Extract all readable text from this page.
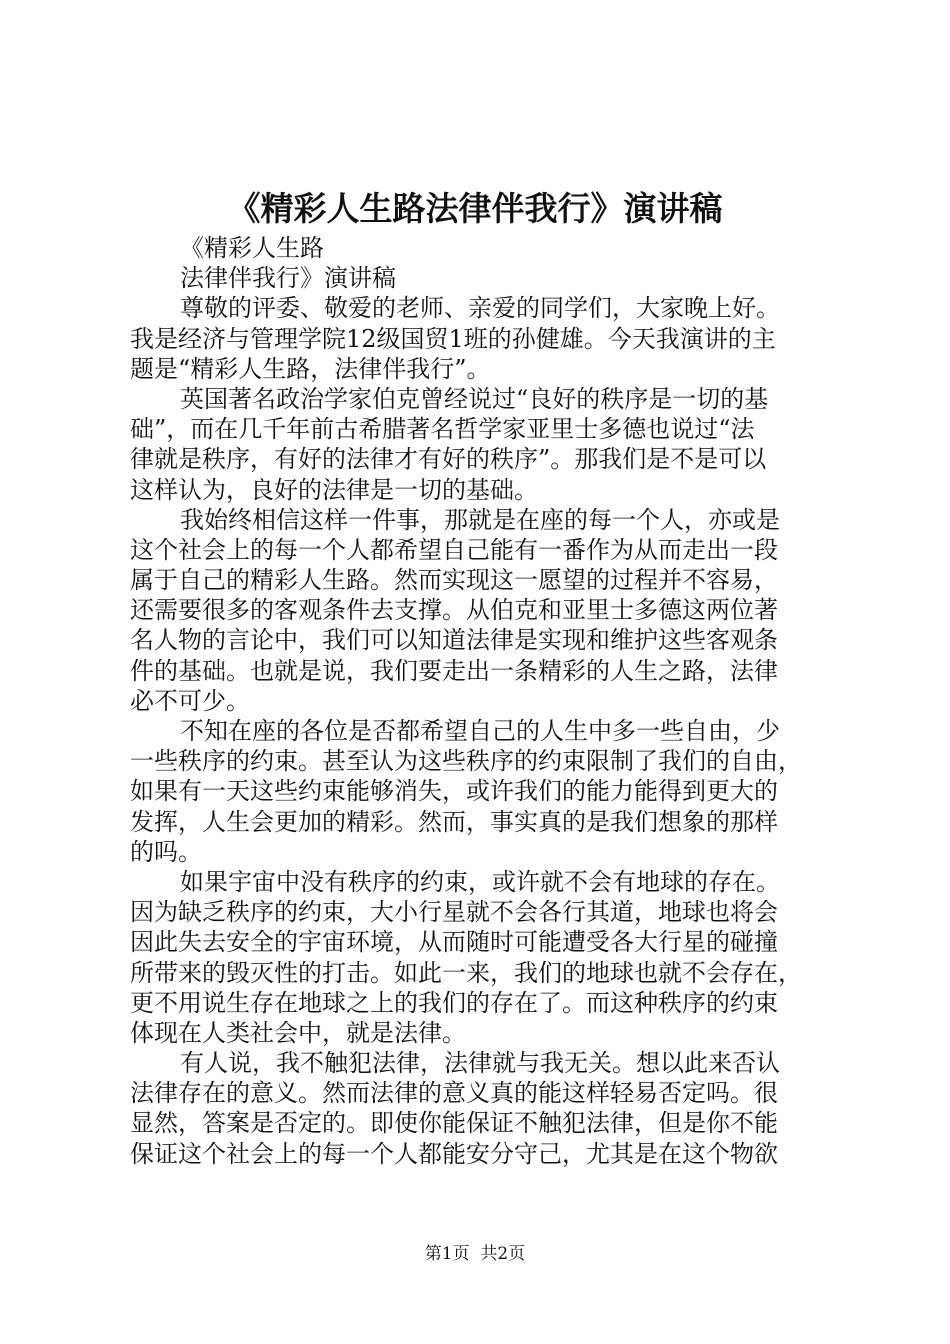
《精彩人生路法律伴我行》演讲稿
《精彩人生路
法律伴我行》演讲稿
尊敬的评委、敬爱的老师、亲爱的同学们，大家晚上好。
我是经济与管理学院12级国贸1班的孙健雄。今天我演讲的主
题是“精彩人生路，法律伴我行”。
英国著名政治学家伯克曾经说过“良好的秩序是一切的基
础”，而在几千年前古希腊著名哲学家亚里士多德也说过“法
律就是秩序，有好的法律才有好的秩序”。那我们是不是可以
这样认为，良好的法律是一切的基础。
我始终相信这样一件事，那就是在座的每一个人，亦或是
这个社会上的每一个人都希望自己能有一番作为从而走出一段
属于自己的精彩人生路。然而实现这一愿望的过程并不容易，
还需要很多的客观条件去支撑。从伯克和亚里士多德这两位著
名人物的言论中，我们可以知道法律是实现和维护这些客观条
件的基础。也就是说，我们要走出一条精彩的人生之路，法律
必不可少。
不知在座的各位是否都希望自己的人生中多一些自由，少
一些秩序的约束。甚至认为这些秩序的约束限制了我们的自由，
如果有一天这些约束能够消失，或许我们的能力能得到更大的
发挥，人生会更加的精彩。然而，事实真的是我们想象的那样
的吗。
如果宇宙中没有秩序的约束，或许就不会有地球的存在。
因为缺乏秩序的约束，大小行星就不会各行其道，地球也将会
因此失去安全的宇宙环境，从而随时可能遭受各大行星的碰撞
所带来的毁灭性的打击。如此一来，我们的地球也就不会存在，
更不用说生存在地球之上的我们的存在了。而这种秩序的约束
体现在人类社会中，就是法律。
有人说，我不触犯法律，法律就与我无关。想以此来否认
法律存在的意义。然而法律的意义真的能这样轻易否定吗。很
显然，答案是否定的。即使你能保证不触犯法律，但是你不能
保证这个社会上的每一个人都能安分守己，尤其是在这个物欲
第1页  共2页
